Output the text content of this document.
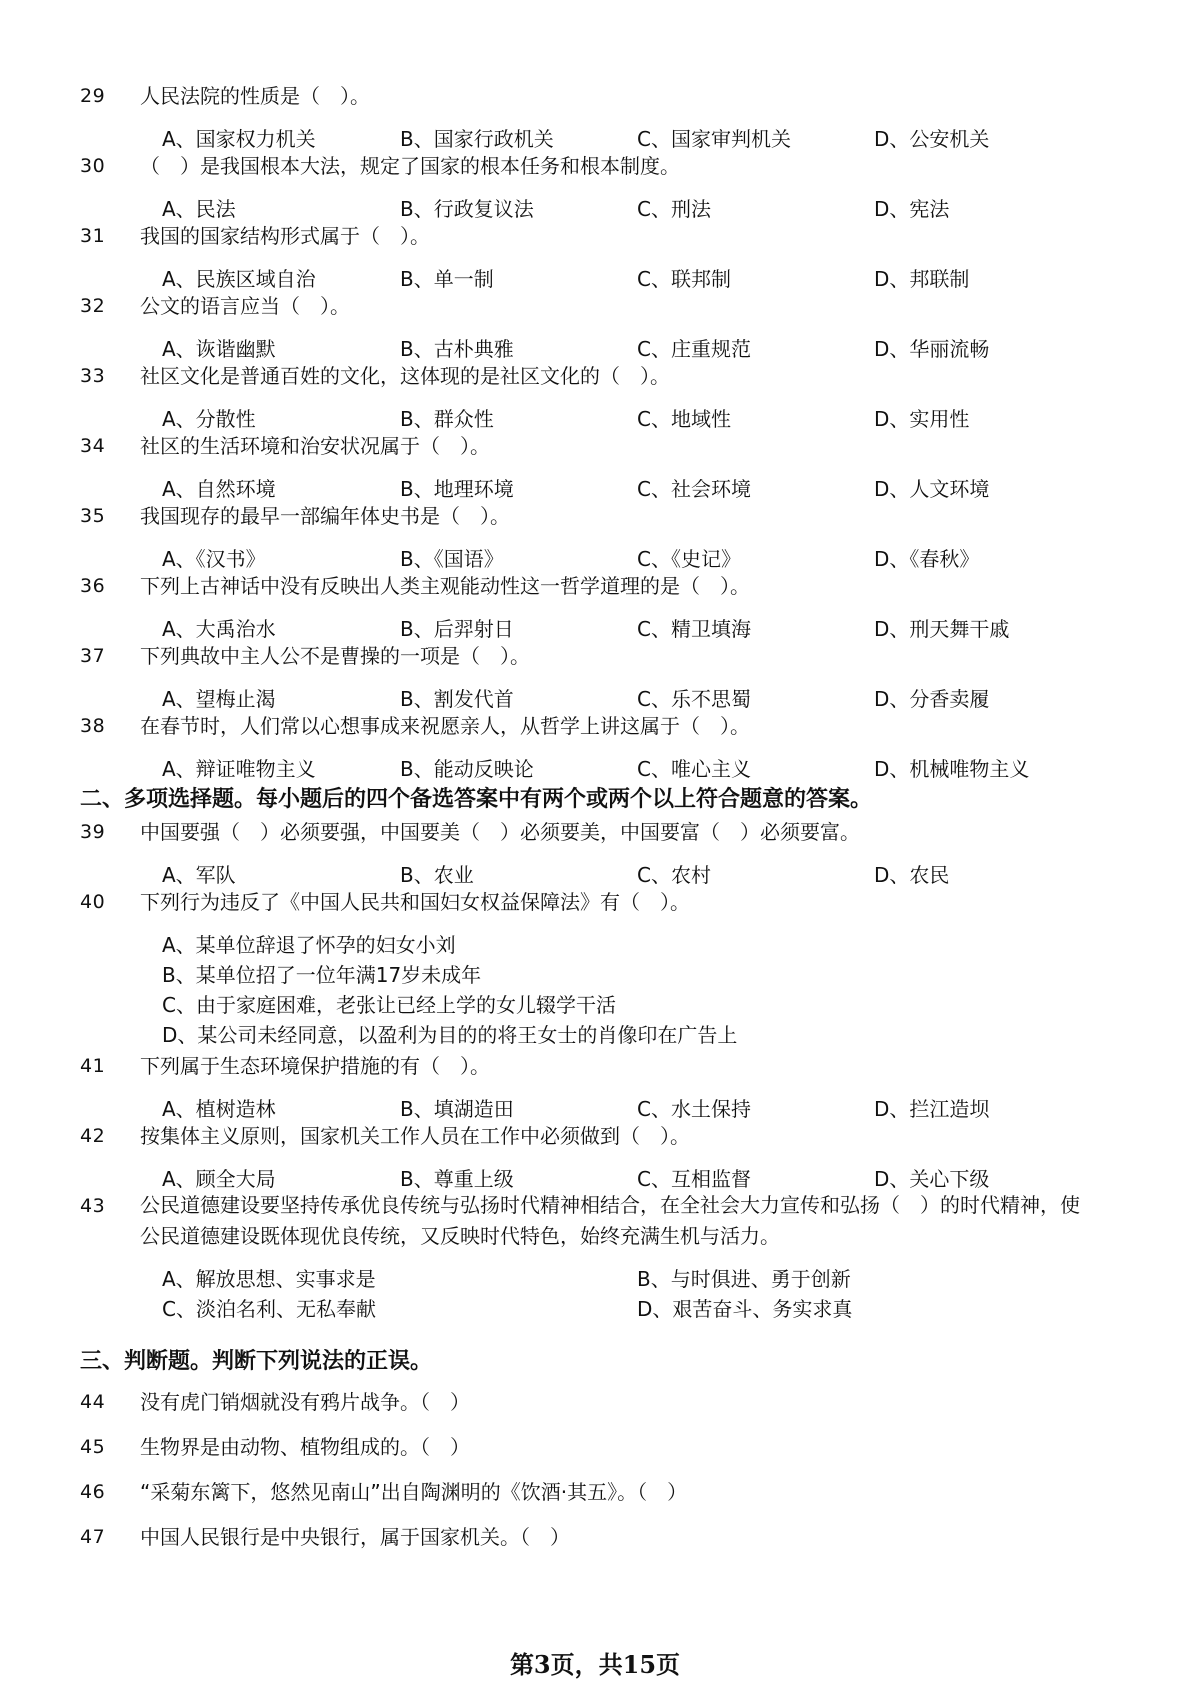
29 人民法院的性质是（　）。
A、国家权力机关	B、国家行政机关	C、国家审判机关	D、公安机关
30 （　）是我国根本大法，规定了国家的根本任务和根本制度。
A、民法	B、行政复议法	C、刑法	D、宪法
31 我国的国家结构形式属于（　）。
A、民族区域自治	B、单一制	C、联邦制	D、邦联制
32 公文的语言应当（　）。
A、诙谐幽默	B、古朴典雅	C、庄重规范	D、华丽流畅
33 社区文化是普通百姓的文化，这体现的是社区文化的（　）。
A、分散性	B、群众性	C、地域性	D、实用性
34 社区的生活环境和治安状况属于（　）。
A、自然环境	B、地理环境	C、社会环境	D、人文环境
35 我国现存的最早一部编年体史书是（　）。
A、《汉书》	B、《国语》	C、《史记》	D、《春秋》
36 下列上古神话中没有反映出人类主观能动性这一哲学道理的是（　）。
A、大禹治水	B、后羿射日	C、精卫填海	D、刑天舞干戚
37 下列典故中主人公不是曹操的一项是（　）。
A、望梅止渴	B、割发代首	C、乐不思蜀	D、分香卖履
38 在春节时，人们常以心想事成来祝愿亲人，从哲学上讲这属于（　）。
A、辩证唯物主义	B、能动反映论	C、唯心主义	D、机械唯物主义
二、多项选择题。每小题后的四个备选答案中有两个或两个以上符合题意的答案。
39 中国要强（　）必须要强，中国要美（　）必须要美，中国要富（　）必须要富。
A、军队	B、农业	C、农村	D、农民
40 下列行为违反了《中国人民共和国妇女权益保障法》有（　）。
A、某单位辞退了怀孕的妇女小刘
B、某单位招了一位年满17岁未成年
C、由于家庭困难，老张让已经上学的女儿辍学干活
D、某公司未经同意，以盈利为目的的将王女士的肖像印在广告上
41 下列属于生态环境保护措施的有（　）。
A、植树造林	B、填湖造田	C、水土保持	D、拦江造坝
42 按集体主义原则，国家机关工作人员在工作中必须做到（　）。
A、顾全大局	B、尊重上级	C、互相监督	D、关心下级
43 公民道德建设要坚持传承优良传统与弘扬时代精神相结合，在全社会大力宣传和弘扬（　）的时代精神，使公民道德建设既体现优良传统，又反映时代特色，始终充满生机与活力。
A、解放思想、实事求是	B、与时俱进、勇于创新
C、淡泊名利、无私奉献	D、艰苦奋斗、务实求真
三、判断题。判断下列说法的正误。
44 没有虎门销烟就没有鸦片战争。（　）
45 生物界是由动物、植物组成的。（　）
46 “采菊东篱下，悠然见南山”出自陶渊明的《饮酒·其五》。（　）
47 中国人民银行是中央银行，属于国家机关。（　）
第3页，共15页
